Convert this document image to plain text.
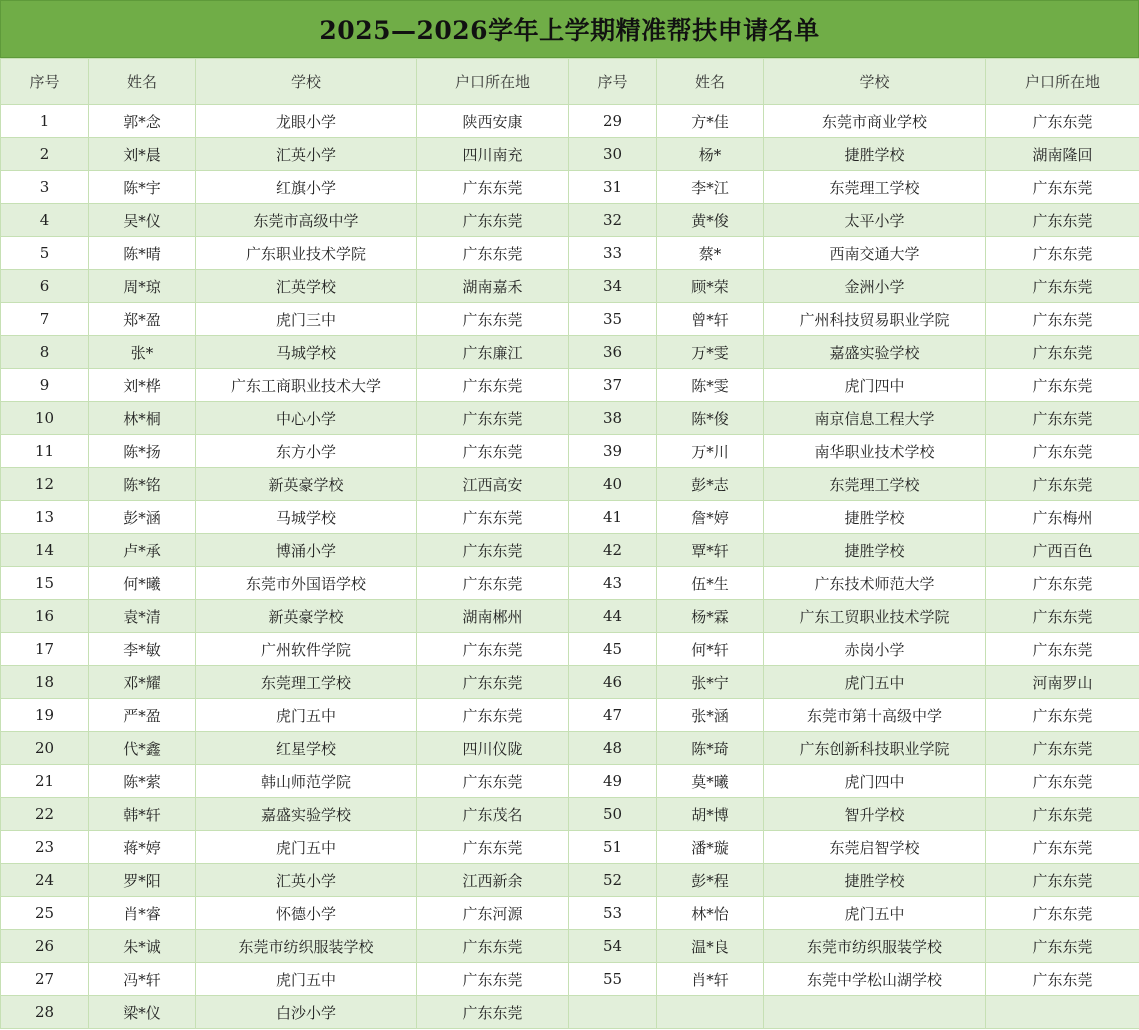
2025—2026学年上学期精准帮扶申请名单
序号	姓名	学校	户口所在地	序号	姓名	学校	户口所在地
1	郭*念	龙眼小学	陕西安康	29	方*佳	东莞市商业学校	广东东莞
2	刘*晨	汇英小学	四川南充	30	杨*	捷胜学校	湖南隆回
3	陈*宇	红旗小学	广东东莞	31	李*江	东莞理工学校	广东东莞
4	吴*仪	东莞市高级中学	广东东莞	32	黄*俊	太平小学	广东东莞
5	陈*晴	广东职业技术学院	广东东莞	33	蔡*	西南交通大学	广东东莞
6	周*琼	汇英学校	湖南嘉禾	34	顾*荣	金洲小学	广东东莞
7	郑*盈	虎门三中	广东东莞	35	曾*轩	广州科技贸易职业学院	广东东莞
8	张*	马城学校	广东廉江	36	万*雯	嘉盛实验学校	广东东莞
9	刘*桦	广东工商职业技术大学	广东东莞	37	陈*雯	虎门四中	广东东莞
10	林*桐	中心小学	广东东莞	38	陈*俊	南京信息工程大学	广东东莞
11	陈*扬	东方小学	广东东莞	39	万*川	南华职业技术学校	广东东莞
12	陈*铭	新英豪学校	江西高安	40	彭*志	东莞理工学校	广东东莞
13	彭*涵	马城学校	广东东莞	41	詹*婷	捷胜学校	广东梅州
14	卢*承	博涌小学	广东东莞	42	覃*轩	捷胜学校	广西百色
15	何*曦	东莞市外国语学校	广东东莞	43	伍*生	广东技术师范大学	广东东莞
16	袁*清	新英豪学校	湖南郴州	44	杨*霖	广东工贸职业技术学院	广东东莞
17	李*敏	广州软件学院	广东东莞	45	何*轩	赤岗小学	广东东莞
18	邓*耀	东莞理工学校	广东东莞	46	张*宁	虎门五中	河南罗山
19	严*盈	虎门五中	广东东莞	47	张*涵	东莞市第十高级中学	广东东莞
20	代*鑫	红星学校	四川仪陇	48	陈*琦	广东创新科技职业学院	广东东莞
21	陈*萦	韩山师范学院	广东东莞	49	莫*曦	虎门四中	广东东莞
22	韩*轩	嘉盛实验学校	广东茂名	50	胡*博	智升学校	广东东莞
23	蒋*婷	虎门五中	广东东莞	51	潘*璇	东莞启智学校	广东东莞
24	罗*阳	汇英小学	江西新余	52	彭*程	捷胜学校	广东东莞
25	肖*睿	怀德小学	广东河源	53	林*怡	虎门五中	广东东莞
26	朱*诚	东莞市纺织服装学校	广东东莞	54	温*良	东莞市纺织服装学校	广东东莞
27	冯*轩	虎门五中	广东东莞	55	肖*轩	东莞中学松山湖学校	广东东莞
28	梁*仪	白沙小学	广东东莞				
